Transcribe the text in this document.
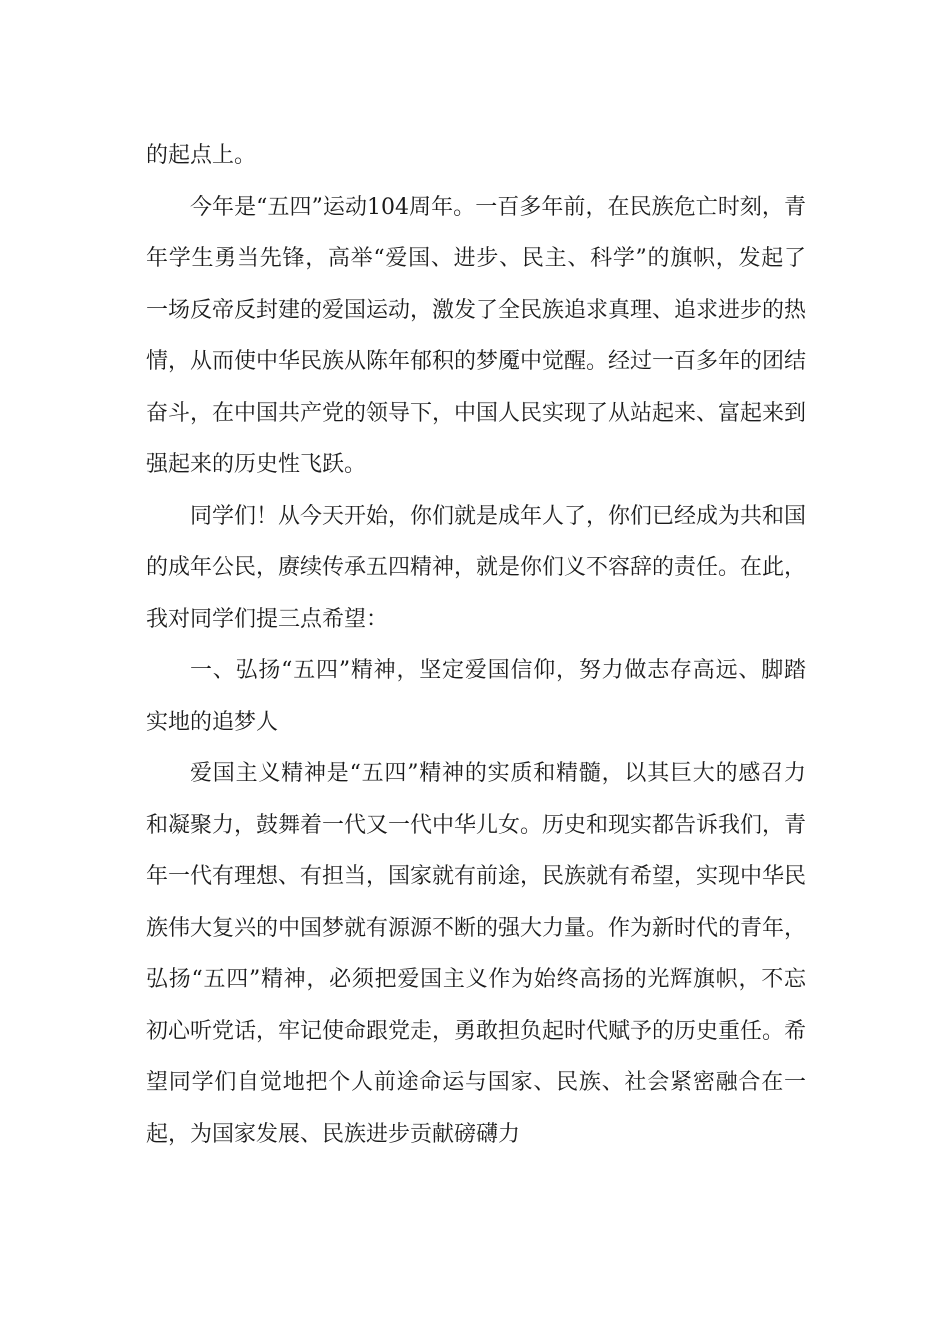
的起点上。

今年是“五四”运动104周年。一百多年前，在民族危亡时刻，青年学生勇当先锋，高举“爱国、进步、民主、科学”的旗帜，发起了一场反帝反封建的爱国运动，激发了全民族追求真理、追求进步的热情，从而使中华民族从陈年郁积的梦魇中觉醒。经过一百多年的团结奋斗，在中国共产党的领导下，中国人民实现了从站起来、富起来到强起来的历史性飞跃。

同学们！从今天开始，你们就是成年人了，你们已经成为共和国的成年公民，赓续传承五四精神，就是你们义不容辞的责任。在此，我对同学们提三点希望：

一、弘扬“五四”精神，坚定爱国信仰，努力做志存高远、脚踏实地的追梦人

爱国主义精神是“五四”精神的实质和精髓，以其巨大的感召力和凝聚力，鼓舞着一代又一代中华儿女。历史和现实都告诉我们，青年一代有理想、有担当，国家就有前途，民族就有希望，实现中华民族伟大复兴的中国梦就有源源不断的强大力量。作为新时代的青年，弘扬“五四”精神，必须把爱国主义作为始终高扬的光辉旗帜，不忘初心听党话，牢记使命跟党走，勇敢担负起时代赋予的历史重任。希望同学们自觉地把个人前途命运与国家、民族、社会紧密融合在一起，为国家发展、民族进步贡献磅礴力
